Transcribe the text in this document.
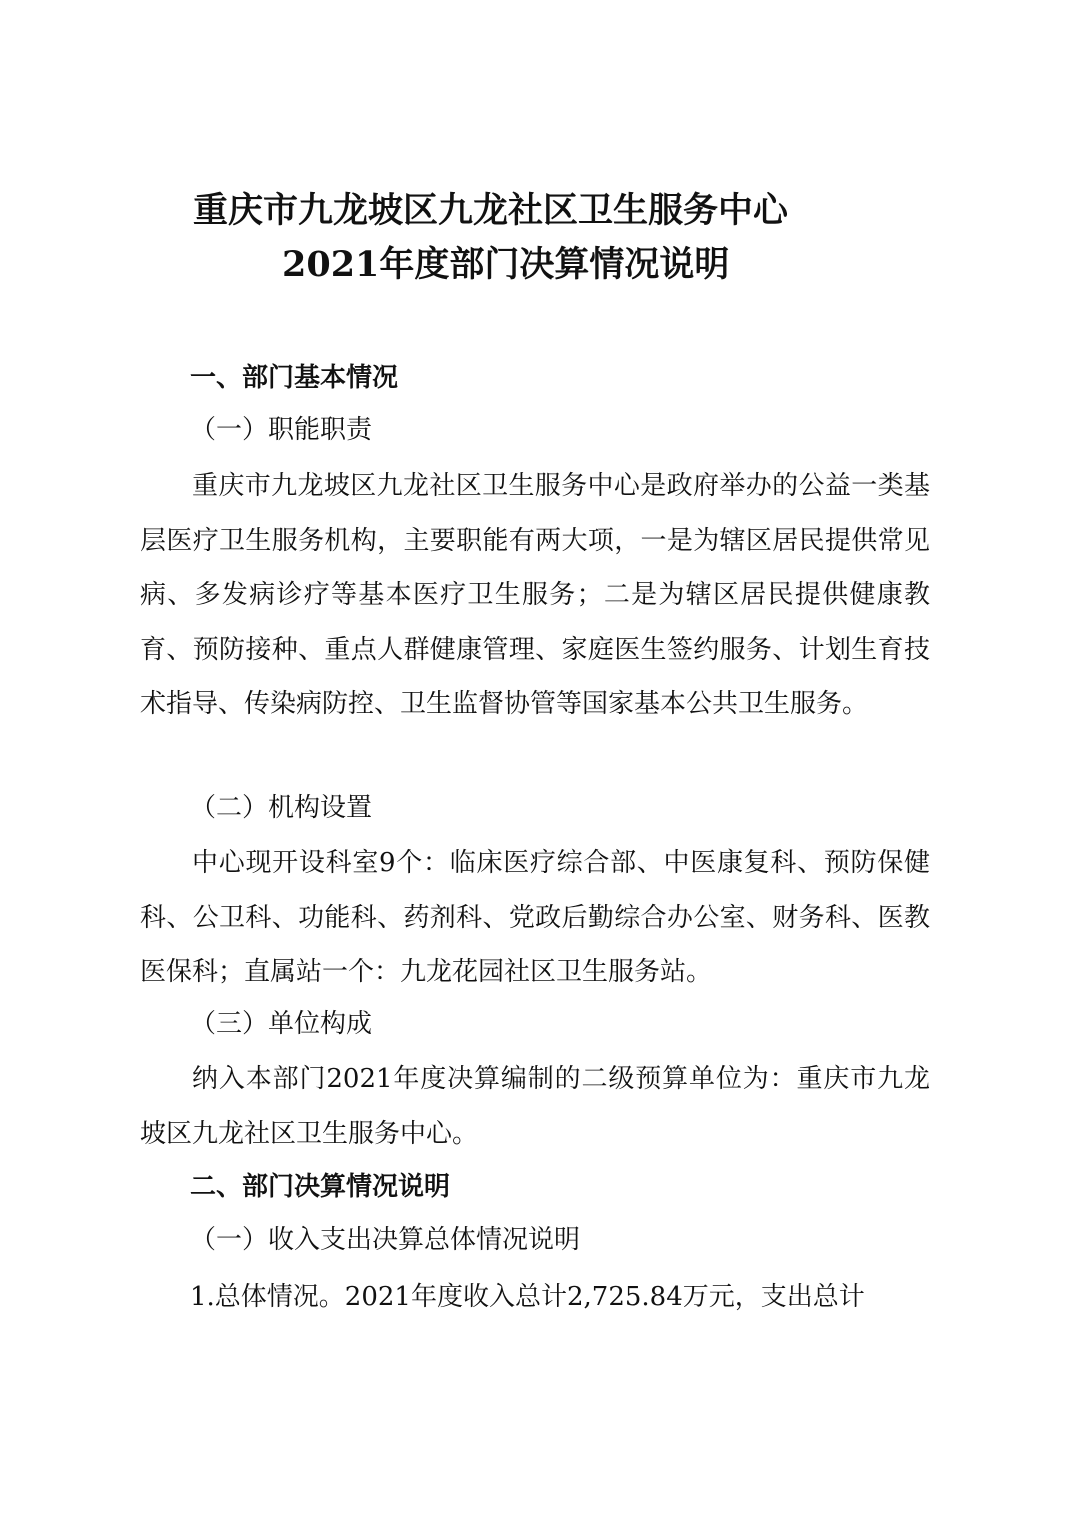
重庆市九龙坡区九龙社区卫生服务中心
2021年度部门决算情况说明
一、部门基本情况
（一）职能职责
重庆市九龙坡区九龙社区卫生服务中心是政府举办的公益一类基层医疗卫生服务机构，主要职能有两大项，一是为辖区居民提供常见病、多发病诊疗等基本医疗卫生服务；二是为辖区居民提供健康教育、预防接种、重点人群健康管理、家庭医生签约服务、计划生育技术指导、传染病防控、卫生监督协管等国家基本公共卫生服务。
（二）机构设置
中心现开设科室9个：临床医疗综合部、中医康复科、预防保健科、公卫科、功能科、药剂科、党政后勤综合办公室、财务科、医教医保科；直属站一个：九龙花园社区卫生服务站。
（三）单位构成
纳入本部门2021年度决算编制的二级预算单位为：重庆市九龙坡区九龙社区卫生服务中心。
二、部门决算情况说明
（一）收入支出决算总体情况说明
1.总体情况。2021年度收入总计2,725.84万元，支出总计
